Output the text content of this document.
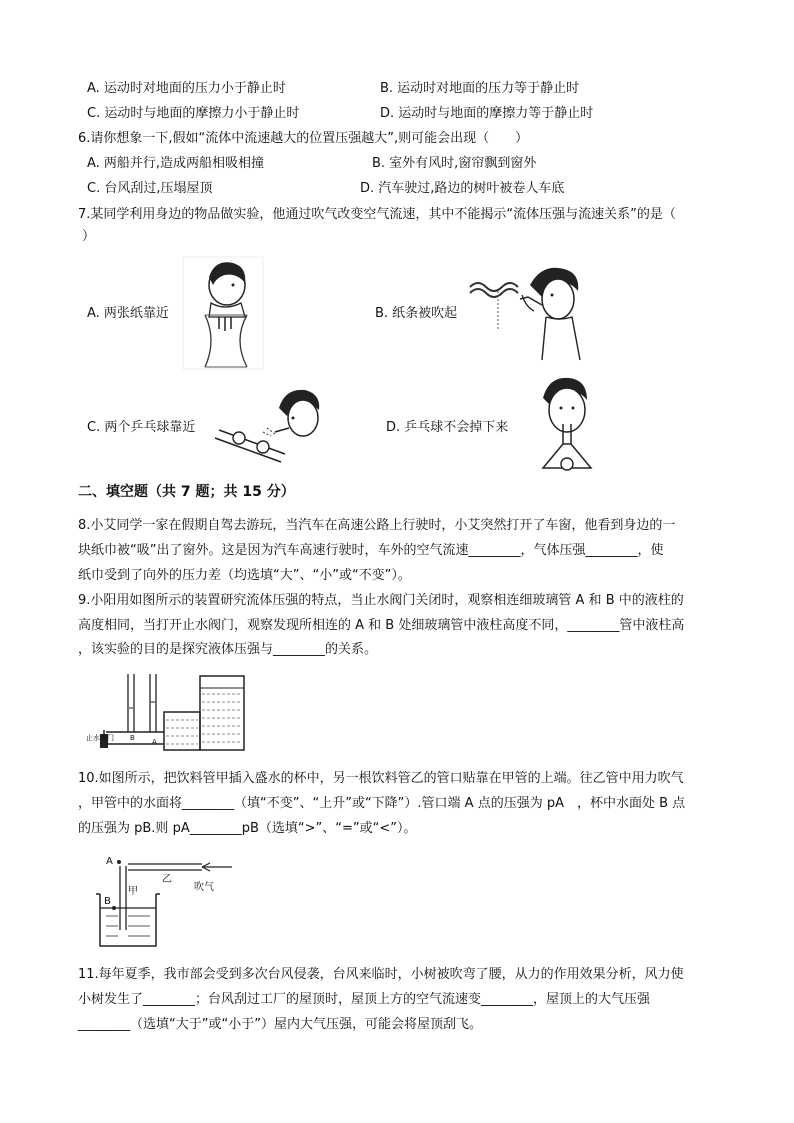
A. 运动时对地面的压力小于静止时	B. 运动时对地面的压力等于静止时
C. 运动时与地面的摩擦力小于静止时	D. 运动时与地面的摩擦力等于静止时
6.请你想象一下,假如“流体中流速越大的位置压强越大”,则可能会出现（　　）
A. 两船并行,造成两船相吸相撞	B. 室外有风时,窗帘飘到窗外
C. 台风刮过,压塌屋顶	D. 汽车驶过,路边的树叶被卷人车底
7.某同学利用身边的物品做实验，他通过吹气改变空气流速，其中不能揭示“流体压强与流速关系”的是（
）
A. 两张纸靠近	B. 纸条被吹起
C. 两个乒乓球靠近	D. 乒乓球不会掉下来
二、填空题（共 7 题；共 15 分）
8.小艾同学一家在假期自驾去游玩，当汽车在高速公路上行驶时，小艾突然打开了车窗，他看到身边的一
块纸巾被“吸”出了窗外。这是因为汽车高速行驶时，车外的空气流速________，气体压强________，使
纸巾受到了向外的压力差（均选填“大”、“小”或“不变”）。
9.小阳用如图所示的装置研究流体压强的特点，当止水阀门关闭时，观察相连细玻璃管 A 和 B 中的液柱的
高度相同，当打开止水阀门，观察发现所相连的 A 和 B 处细玻璃管中液柱高度不同，________管中液柱高
，该实验的目的是探究液体压强与________的关系。
止水阀门 B A
10.如图所示，把饮料管甲插入盛水的杯中，另一根饮料管乙的管口贴靠在甲管的上端。往乙管中用力吹气
，甲管中的水面将________（填“不变”、“上升”或“下降”）.管口端 A 点的压强为 pA　，杯中水面处 B 点
的压强为 pB.则 pA________pB（选填“>”、“=”或“<”）。
A
B
甲
乙
吹气
11.每年夏季，我市部会受到多次台风侵袭，台风来临时，小树被吹弯了腰，从力的作用效果分析，风力使
小树发生了________；台风刮过工厂的屋顶时，屋顶上方的空气流速变________，屋顶上的大气压强
________（选填“大于”或“小于”）屋内大气压强，可能会将屋顶刮飞。
